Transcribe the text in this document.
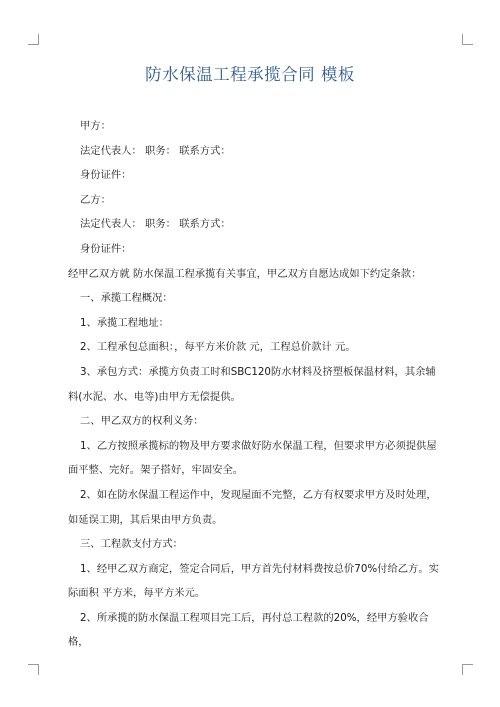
防水保温工程承揽合同 模板

甲方：

法定代表人： 职务： 联系方式：

身份证件：

乙方：

法定代表人： 职务： 联系方式：

身份证件：

经甲乙双方就 防水保温工程承揽有关事宜，甲乙双方自愿达成如下约定条款：

一、承揽工程概况：

1、承揽工程地址：

2、工程承包总面积：，每平方米价款 元，工程总价款计 元。

3、承包方式：承揽方负责工时和SBC120防水材料及挤塑板保温材料，其余辅料(水泥、水、电等)由甲方无偿提供。

二、甲乙双方的权利义务：

1、乙方按照承揽标的物及甲方要求做好防水保温工程，但要求甲方必须提供屋面平整、完好。架子搭好，牢固安全。

2、如在防水保温工程运作中，发现屋面不完整，乙方有权要求甲方及时处理，如延误工期，其后果由甲方负责。

三、工程款支付方式：

1、经甲乙双方商定，签定合同后，甲方首先付材料费按总价70%付给乙方。实际面积 平方米，每平方米元。

2、所承揽的防水保温工程项目完工后，再付总工程款的20%，经甲方验收合格，
